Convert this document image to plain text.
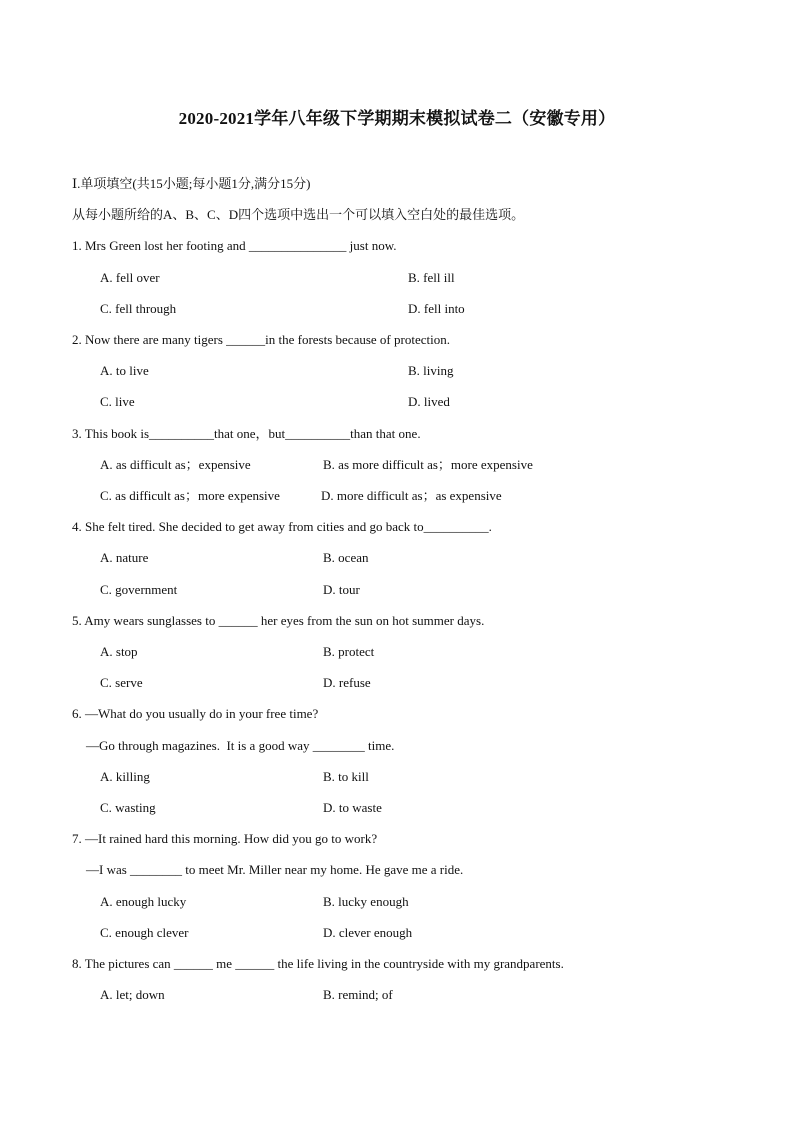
2020-2021学年八年级下学期期末模拟试卷二（安徽专用）
Ⅰ.单项填空(共15小题;每小题1分,满分15分)
从每小题所给的A、B、C、D四个选项中选出一个可以填入空白处的最佳选项。
1. Mrs Green lost her footing and _______________ just now.
A. fell over	B. fell ill
C. fell through	D. fell into
2. Now there are many tigers ______in the forests because of protection.
A. to live	B. living
C. live	D. lived
3. This book is__________that one，but__________than that one.
A. as difficult as；expensive	B. as more difficult as；more expensive
C. as difficult as；more expensive	D. more difficult as；as expensive
4. She felt tired. She decided to get away from cities and go back to__________.
A. nature	B. ocean
C. government	D. tour
5. Amy wears sunglasses to ______ her eyes from the sun on hot summer days.
A. stop	B. protect
C. serve	D. refuse
6. —What do you usually do in your free time?
—Go through magazines.  It is a good way ________ time.
A. killing	B. to kill
C. wasting	D. to waste
7. —It rained hard this morning. How did you go to work?
—I was ________ to meet Mr. Miller near my home. He gave me a ride.
A. enough lucky	B. lucky enough
C. enough clever	D. clever enough
8. The pictures can ______ me ______ the life living in the countryside with my grandparents.
A. let; down	B. remind; of
